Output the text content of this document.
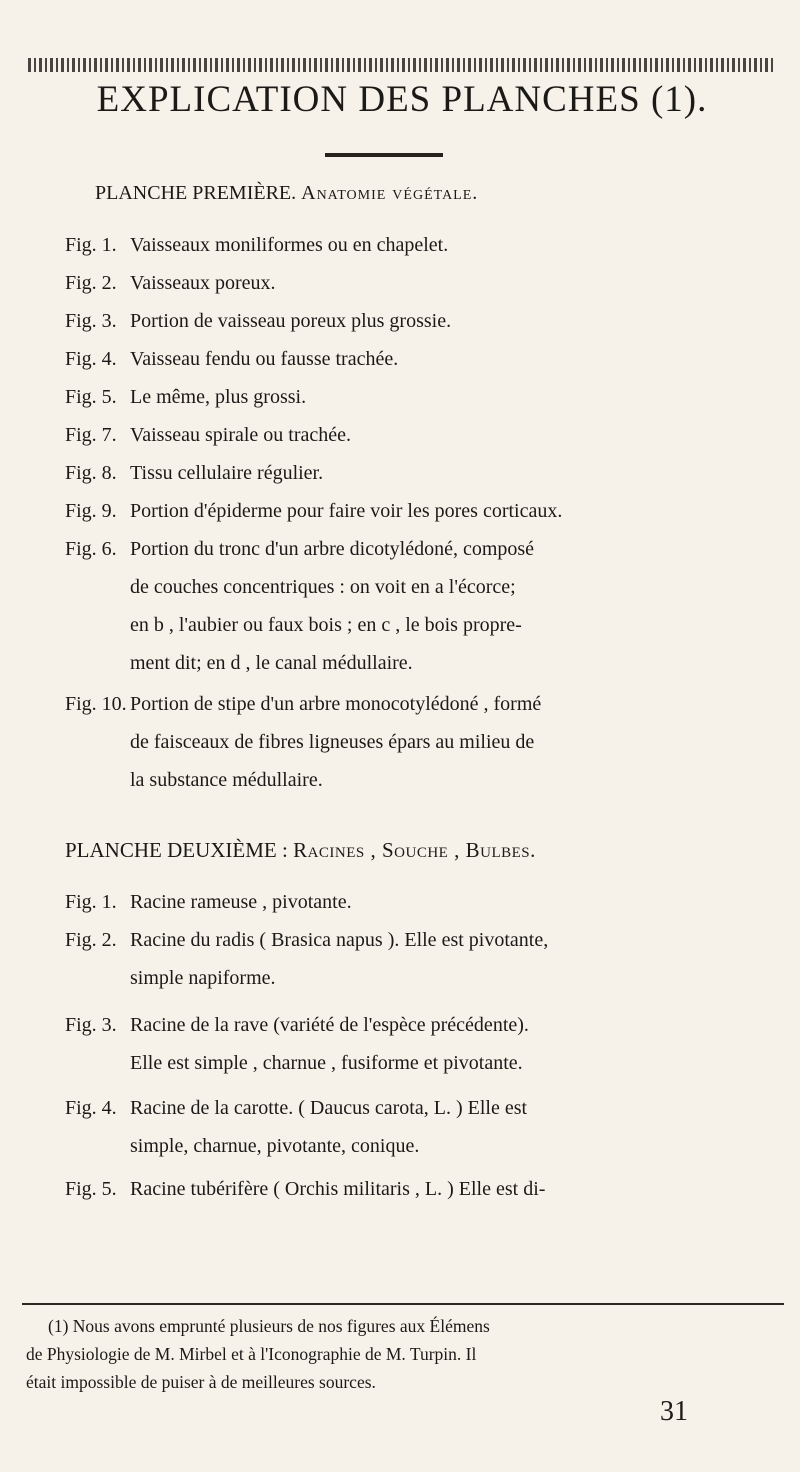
EXPLICATION DES PLANCHES (1).
PLANCHE PREMIÈRE. Anatomie végétale.
Fig. 1. Vaisseaux moniliformes ou en chapelet.
Fig. 2. Vaisseaux poreux.
Fig. 3. Portion de vaisseau poreux plus grossie.
Fig. 4. Vaisseau fendu ou fausse trachée.
Fig. 5. Le même, plus grossi.
Fig. 7. Vaisseau spirale ou trachée.
Fig. 8. Tissu cellulaire régulier.
Fig. 9. Portion d'épiderme pour faire voir les pores corticaux.
Fig. 6. Portion du tronc d'un arbre dicotylédoné, composé
de couches concentriques : on voit en a l'écorce;
en b , l'aubier ou faux bois ; en c , le bois propre-
ment dit; en d , le canal médullaire.
Fig. 10. Portion de stipe d'un arbre monocotylédoné , formé
de faisceaux de fibres ligneuses épars au milieu de
la substance médullaire.
PLANCHE DEUXIÈME : Racines , Souche , Bulbes.
Fig. 1. Racine rameuse , pivotante.
Fig. 2. Racine du radis ( Brasica napus ). Elle est pivotante,
simple napiforme.
Fig. 3. Racine de la rave (variété de l'espèce précédente).
Elle est simple , charnue , fusiforme et pivotante.
Fig. 4. Racine de la carotte. ( Daucus carota, L. ) Elle est
simple, charnue, pivotante, conique.
Fig. 5. Racine tubérifère ( Orchis militaris , L. ) Elle est di-
(1) Nous avons emprunté plusieurs de nos figures aux Élémens
de Physiologie de M. Mirbel et à l'Iconographie de M. Turpin. Il
était impossible de puiser à de meilleures sources.
31
